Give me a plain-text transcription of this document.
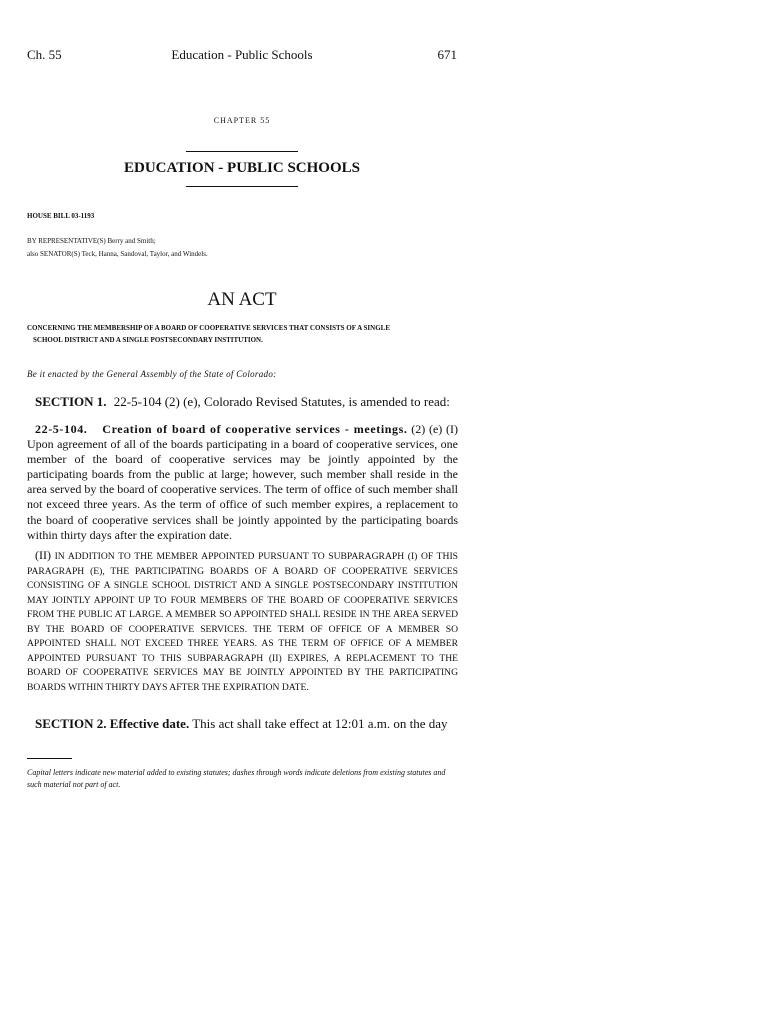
Ch. 55	Education - Public Schools	671
CHAPTER 55
EDUCATION - PUBLIC SCHOOLS
HOUSE BILL 03-1193
BY REPRESENTATIVE(S) Berry and Smith;
also SENATOR(S) Teck, Hanna, Sandoval, Taylor, and Windels.
AN ACT
CONCERNING THE MEMBERSHIP OF A BOARD OF COOPERATIVE SERVICES THAT CONSISTS OF A SINGLE
SCHOOL DISTRICT AND A SINGLE POSTSECONDARY INSTITUTION.
Be it enacted by the General Assembly of the State of Colorado:
SECTION 1. 22-5-104 (2) (e), Colorado Revised Statutes, is amended to read:
22-5-104. Creation of board of cooperative services - meetings. (2) (e) (I) Upon agreement of all of the boards participating in a board of cooperative services, one member of the board of cooperative services may be jointly appointed by the participating boards from the public at large; however, such member shall reside in the area served by the board of cooperative services. The term of office of such member shall not exceed three years. As the term of office of such member expires, a replacement to the board of cooperative services shall be jointly appointed by the participating boards within thirty days after the expiration date.
(II) IN ADDITION TO THE MEMBER APPOINTED PURSUANT TO SUBPARAGRAPH (I) OF THIS PARAGRAPH (E), THE PARTICIPATING BOARDS OF A BOARD OF COOPERATIVE SERVICES CONSISTING OF A SINGLE SCHOOL DISTRICT AND A SINGLE POSTSECONDARY INSTITUTION MAY JOINTLY APPOINT UP TO FOUR MEMBERS OF THE BOARD OF COOPERATIVE SERVICES FROM THE PUBLIC AT LARGE. A MEMBER SO APPOINTED SHALL RESIDE IN THE AREA SERVED BY THE BOARD OF COOPERATIVE SERVICES. THE TERM OF OFFICE OF A MEMBER SO APPOINTED SHALL NOT EXCEED THREE YEARS. AS THE TERM OF OFFICE OF A MEMBER APPOINTED PURSUANT TO THIS SUBPARAGRAPH (II) EXPIRES, A REPLACEMENT TO THE BOARD OF COOPERATIVE SERVICES MAY BE JOINTLY APPOINTED BY THE PARTICIPATING BOARDS WITHIN THIRTY DAYS AFTER THE EXPIRATION DATE.
SECTION 2. Effective date. This act shall take effect at 12:01 a.m. on the day
Capital letters indicate new material added to existing statutes; dashes through words indicate deletions from existing statutes and such material not part of act.
